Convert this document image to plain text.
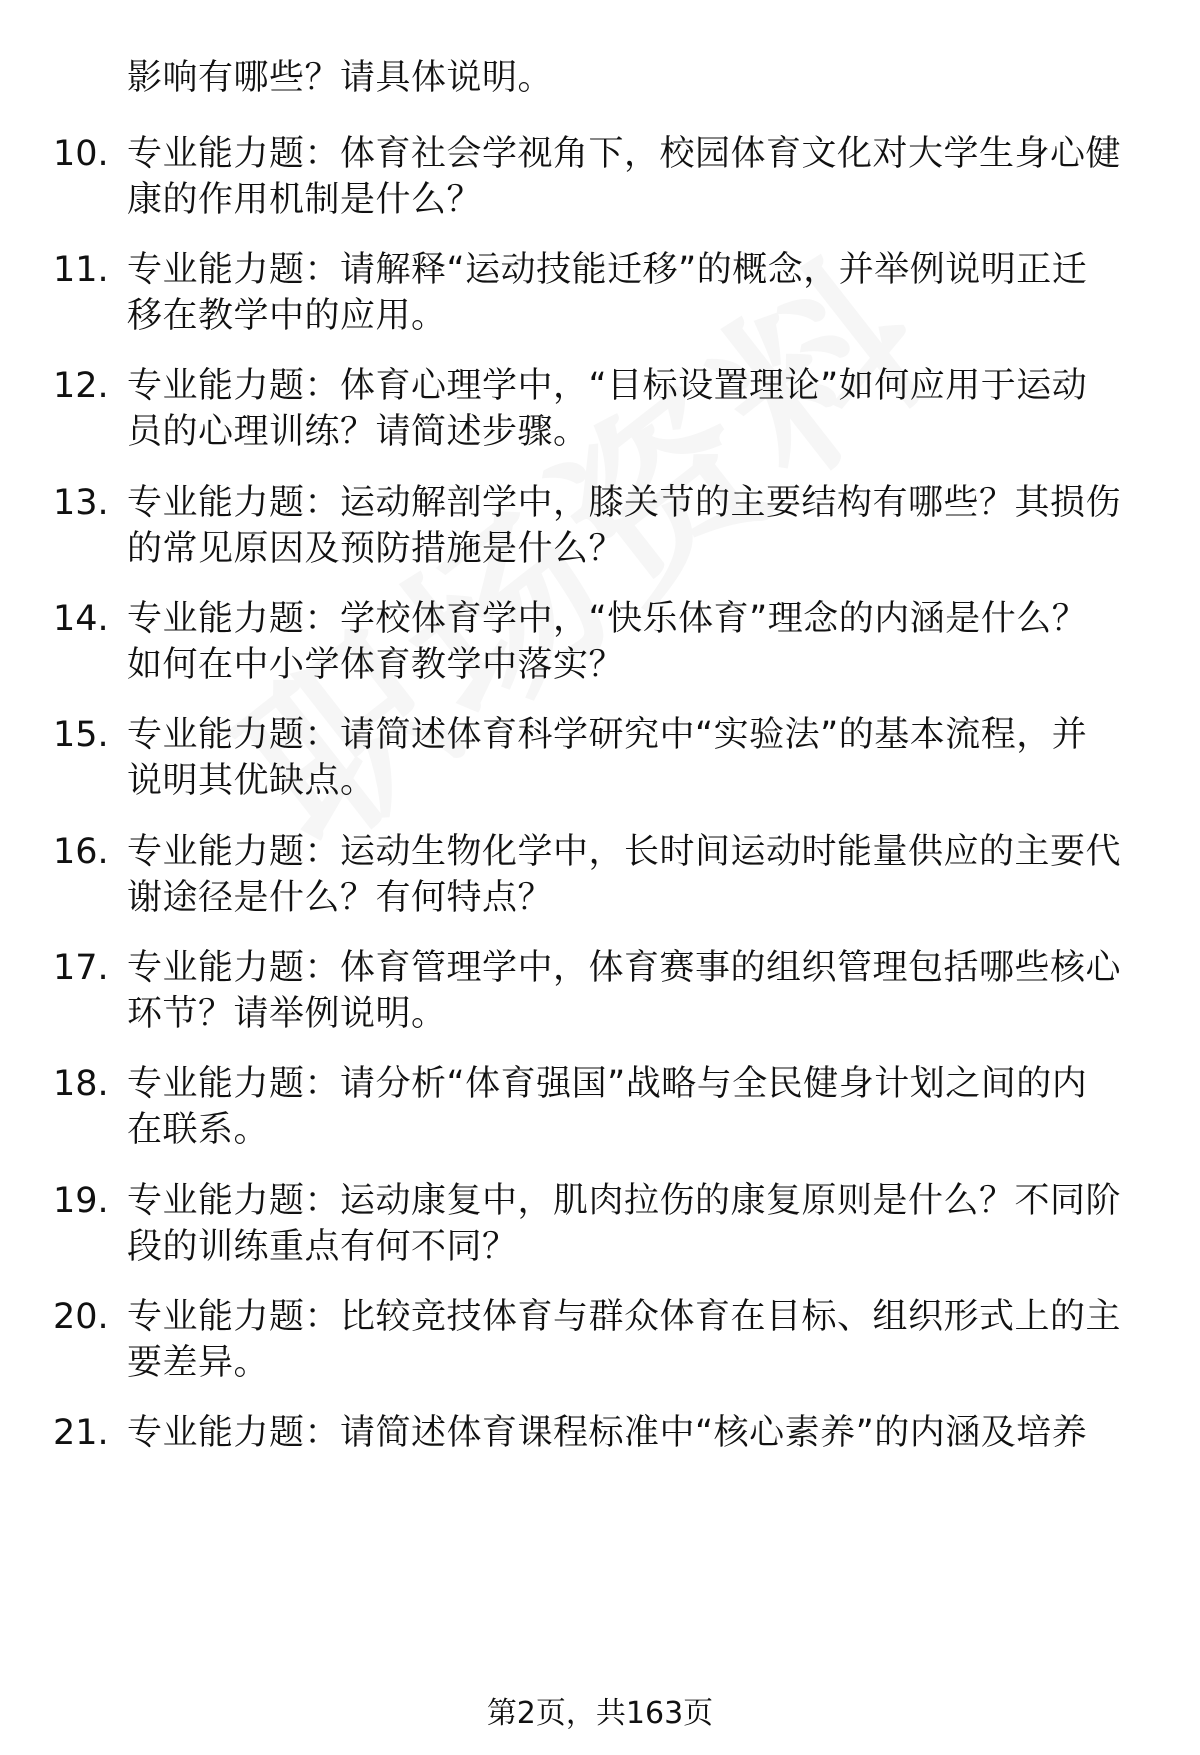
影响有哪些？请具体说明。
10. 专业能力题：体育社会学视角下，校园体育文化对大学生身心健
康的作用机制是什么？
11. 专业能力题：请解释“运动技能迁移”的概念，并举例说明正迁
移在教学中的应用。
12. 专业能力题：体育心理学中，“目标设置理论”如何应用于运动
员的心理训练？请简述步骤。
13. 专业能力题：运动解剖学中，膝关节的主要结构有哪些？其损伤
的常见原因及预防措施是什么？
14. 专业能力题：学校体育学中，“快乐体育”理念的内涵是什么？
如何在中小学体育教学中落实？
15. 专业能力题：请简述体育科学研究中“实验法”的基本流程，并
说明其优缺点。
16. 专业能力题：运动生物化学中，长时间运动时能量供应的主要代
谢途径是什么？有何特点？
17. 专业能力题：体育管理学中，体育赛事的组织管理包括哪些核心
环节？请举例说明。
18. 专业能力题：请分析“体育强国”战略与全民健身计划之间的内
在联系。
19. 专业能力题：运动康复中，肌肉拉伤的康复原则是什么？不同阶
段的训练重点有何不同？
20. 专业能力题：比较竞技体育与群众体育在目标、组织形式上的主
要差异。
21. 专业能力题：请简述体育课程标准中“核心素养”的内涵及培养
第2页，共163页
